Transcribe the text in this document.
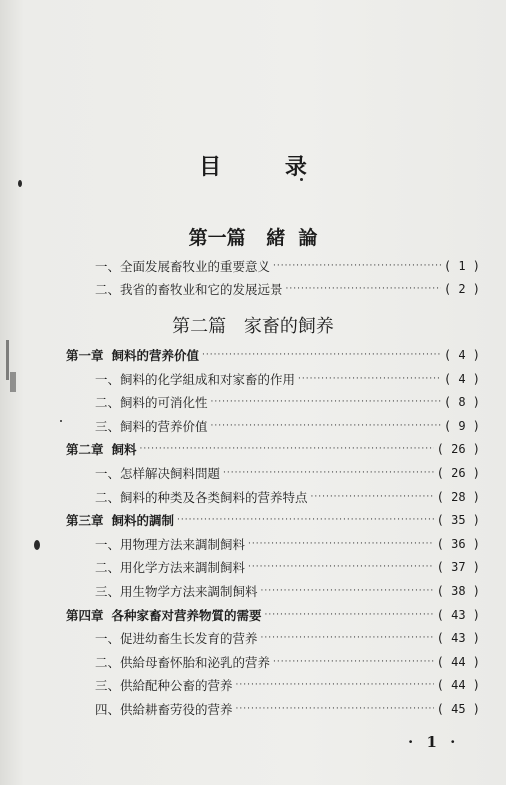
目 录
第一篇 緒  論
一、全面发展畜牧业的重要意义 ·····	( 1 )
二、我省的畜牧业和它的发展远景 ·····	( 2 )
第二篇 家畜的飼养
第一章 飼料的营养价值 ·····	( 4 )
一、飼料的化学組成和对家畜的作用 ·····	( 4 )
二、飼料的可消化性 ·····	( 8 )
三、飼料的营养价值 ·····	( 9 )
第二章 飼料 ·····	( 26 )
一、怎样解决飼料問題 ·····	( 26 )
二、飼料的种类及各类飼料的营养特点 ·····	( 28 )
第三章 飼料的調制 ·····	( 35 )
一、用物理方法来調制飼料 ·····	( 36 )
二、用化学方法来調制飼料 ·····	( 37 )
三、用生物学方法来調制飼料 ·····	( 38 )
第四章 各种家畜对营养物質的需要 ·····	( 43 )
一、促进幼畜生长发育的营养 ·····	( 43 )
二、供給母畜怀胎和泌乳的营养 ·····	( 44 )
三、供給配种公畜的营养 ·····	( 44 )
四、供給耕畜劳役的营养 ·····	( 45 )
· 1 ·
